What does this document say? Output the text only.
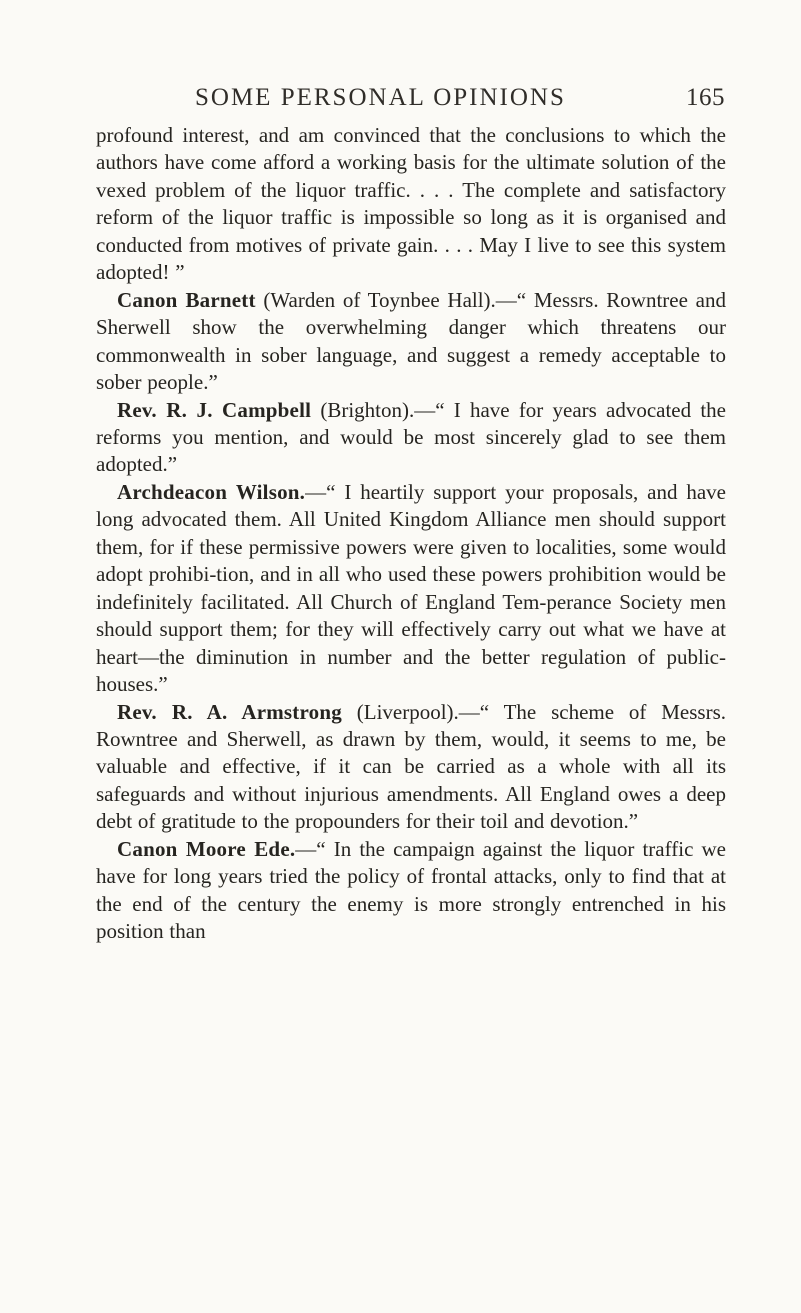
SOME PERSONAL OPINIONS	165

profound interest, and am convinced that the conclusions to which the authors have come afford a working basis for the ultimate solution of the vexed problem of the liquor traffic. . . . The complete and satisfactory reform of the liquor traffic is impossible so long as it is organised and conducted from motives of private gain. . . . May I live to see this system adopted! ”

 Canon Barnett (Warden of Toynbee Hall).—“ Messrs. Rowntree and Sherwell show the overwhelming danger which threatens our commonwealth in sober language, and suggest a remedy acceptable to sober people.”

 Rev. R. J. Campbell (Brighton).—“ I have for years advocated the reforms you mention, and would be most sincerely glad to see them adopted.”

 Archdeacon Wilson.—“ I heartily support your proposals, and have long advocated them. All United Kingdom Alliance men should support them, for if these permissive powers were given to localities, some would adopt prohibi-tion, and in all who used these powers prohibition would be indefinitely facilitated. All Church of England Tem-perance Society men should support them; for they will effectively carry out what we have at heart—the diminution in number and the better regulation of public-houses.”

 Rev. R. A. Armstrong (Liverpool).—“ The scheme of Messrs. Rowntree and Sherwell, as drawn by them, would, it seems to me, be valuable and effective, if it can be carried as a whole with all its safeguards and without injurious amendments. All England owes a deep debt of gratitude to the propounders for their toil and devotion.”

 Canon Moore Ede.—“ In the campaign against the liquor traffic we have for long years tried the policy of frontal attacks, only to find that at the end of the century the enemy is more strongly entrenched in his position than
